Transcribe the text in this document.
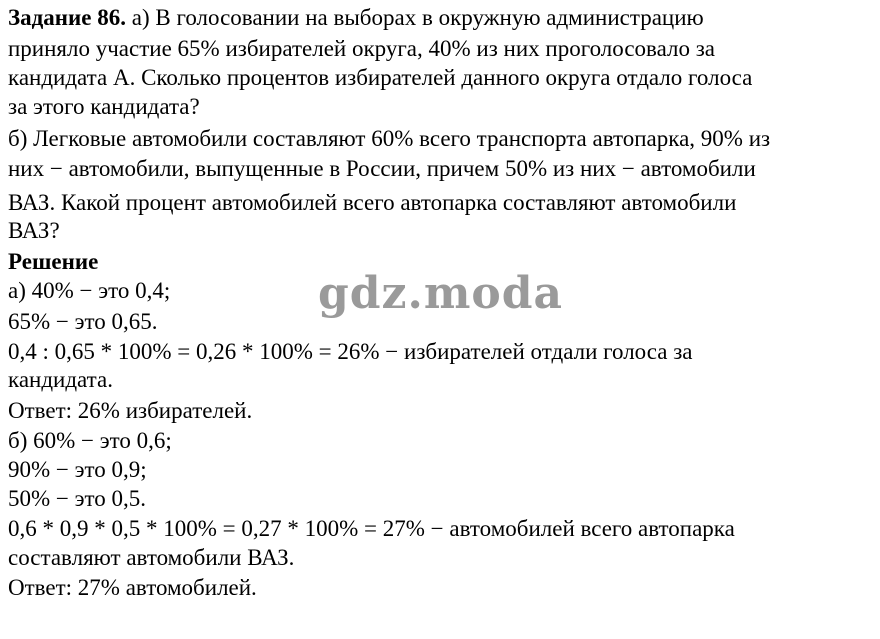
Задание 86. а) В голосовании на выборах в окружную администрацию
приняло участие 65% избирателей округа, 40% из них проголосовало за
кандидата А. Сколько процентов избирателей данного округа отдало голоса
за этого кандидата?
б) Легковые автомобили составляют 60% всего транспорта автопарка, 90% из
них − автомобили, выпущенные в России, причем 50% из них − автомобили
ВАЗ. Какой процент автомобилей всего автопарка составляют автомобили
ВАЗ?
Решение
а) 40% − это 0,4;
65% − это 0,65.
0,4 : 0,65 * 100% = 0,26 * 100% = 26% − избирателей отдали голоса за
кандидата.
Ответ: 26% избирателей.
б) 60% − это 0,6;
90% − это 0,9;
50% − это 0,5.
0,6 * 0,9 * 0,5 * 100% = 0,27 * 100% = 27% − автомобилей всего автопарка
составляют автомобили ВАЗ.
Ответ: 27% автомобилей.
gdz.moda
